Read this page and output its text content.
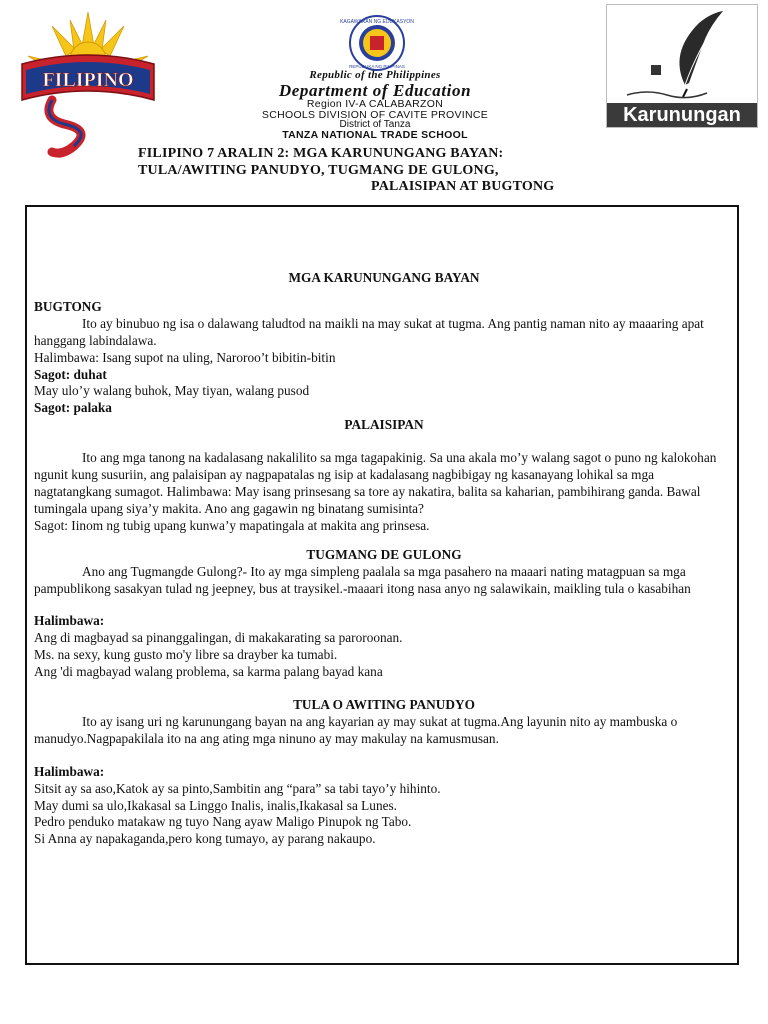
FILIPINO
KAGAWARAN NG EDUKASYON
REPUBLIKA NG PILIPINAS
Republic of the Philippines
Department of Education
Region IV-A CALABARZON
SCHOOLS DIVISION OF CAVITE PROVINCE
District of Tanza
TANZA NATIONAL TRADE SCHOOL
Karunungan
FILIPINO 7 ARALIN 2: MGA KARUNUNGANG BAYAN:
TULA/AWITING PANUDYO, TUGMANG DE GULONG,
PALAISIPAN AT BUGTONG

MGA KARUNUNGANG BAYAN

BUGTONG

Ito ay binubuo ng isa o dalawang taludtod na maikli na may sukat at tugma. Ang pantig naman nito ay maaaring apat hanggang labindalawa.

Halimbawa: Isang supot na uling, Naroroo’t bibitin-bitin

Sagot: duhat

May ulo’y walang buhok, May tiyan, walang pusod

Sagot: palaka

PALAISIPAN

Ito ang mga tanong na kadalasang nakalilito sa mga tagapakinig. Sa una akala mo’y walang sagot o puno ng kalokohan ngunit kung susuriin, ang palaisipan ay nagpapatalas ng isip at kadalasang nagbibigay ng kasanayang lohikal sa mga nagtatangkang sumagot. Halimbawa: May isang prinsesang sa tore ay nakatira, balita sa kaharian, pambihirang ganda. Bawal tumingala upang siya’y makita. Ano ang gagawin ng binatang sumisinta?

Sagot: Iinom ng tubig upang kunwa’y mapatingala at makita ang prinsesa.

TUGMANG DE GULONG

Ano ang Tugmangde Gulong?- Ito ay mga simpleng paalala sa mga pasahero na maaari nating matagpuan sa mga pampublikong sasakyan tulad ng jeepney, bus at traysikel.-maaari itong nasa anyo ng salawikain, maikling tula o kasabihan

Halimbawa:

Ang di magbayad sa pinanggalingan, di makakarating sa paroroonan.

Ms. na sexy, kung gusto mo'y libre sa drayber ka tumabi.

Ang 'di magbayad walang problema, sa karma palang bayad kana

TULA O AWITING PANUDYO

Ito ay isang uri ng karunungang bayan na ang kayarian ay may sukat at tugma.Ang layunin nito ay mambuska o manudyo.Nagpapakilala ito na ang ating mga ninuno ay may makulay na kamusmusan.

Halimbawa:

Sitsit ay sa aso,Katok ay sa pinto,Sambitin ang “para” sa tabi tayo’y hihinto.

May dumi sa ulo,Ikakasal sa Linggo Inalis, inalis,Ikakasal sa Lunes.

Pedro penduko matakaw ng tuyo Nang ayaw Maligo Pinupok ng Tabo.

Si Anna ay napakaganda,pero kong tumayo, ay parang nakaupo.
